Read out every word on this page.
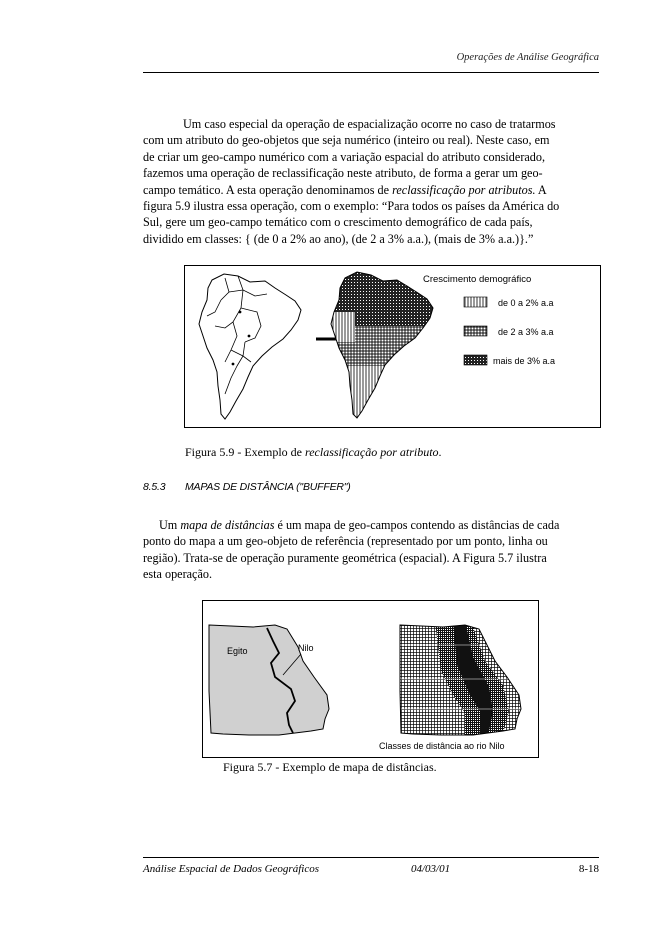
Operações de Análise Geográfica
Um caso especial da operação de espacialização ocorre no caso de tratarmos
com um atributo do geo-objetos que seja numérico (inteiro ou real). Neste caso, em
de criar um geo-campo numérico com a variação espacial do atributo considerado,
fazemos uma operação de reclassificação neste atributo, de forma a gerar um geo-
campo temático. A esta operação denominamos de reclassificação por atributos. A
figura 5.9 ilustra essa operação, com o exemplo: “Para todos os países da América do
Sul, gere um geo-campo temático com o crescimento demográfico de cada país,
dividido em classes: { (de 0 a 2% ao ano), (de 2 a 3% a.a.), (mais de 3% a.a.)}.”
Crescimento demográfico
de 0 a 2% a.a
de 2 a 3% a.a
mais de 3% a.a
Figura 5.9 - Exemplo de reclassificação por atributo.
8.5.3 MAPAS DE DISTÂNCIA ("BUFFER")
Um mapa de distâncias é um mapa de geo-campos contendo as distâncias de cada
ponto do mapa a um geo-objeto de referência (representado por um ponto, linha ou
região). Trata-se de operação puramente geométrica (espacial). A Figura 5.7 ilustra
esta operação.
Egito	Nilo
Classes de distância ao rio Nilo
Figura 5.7 - Exemplo de mapa de distâncias.
Análise Espacial de Dados Geográficos	04/03/01	8-18
